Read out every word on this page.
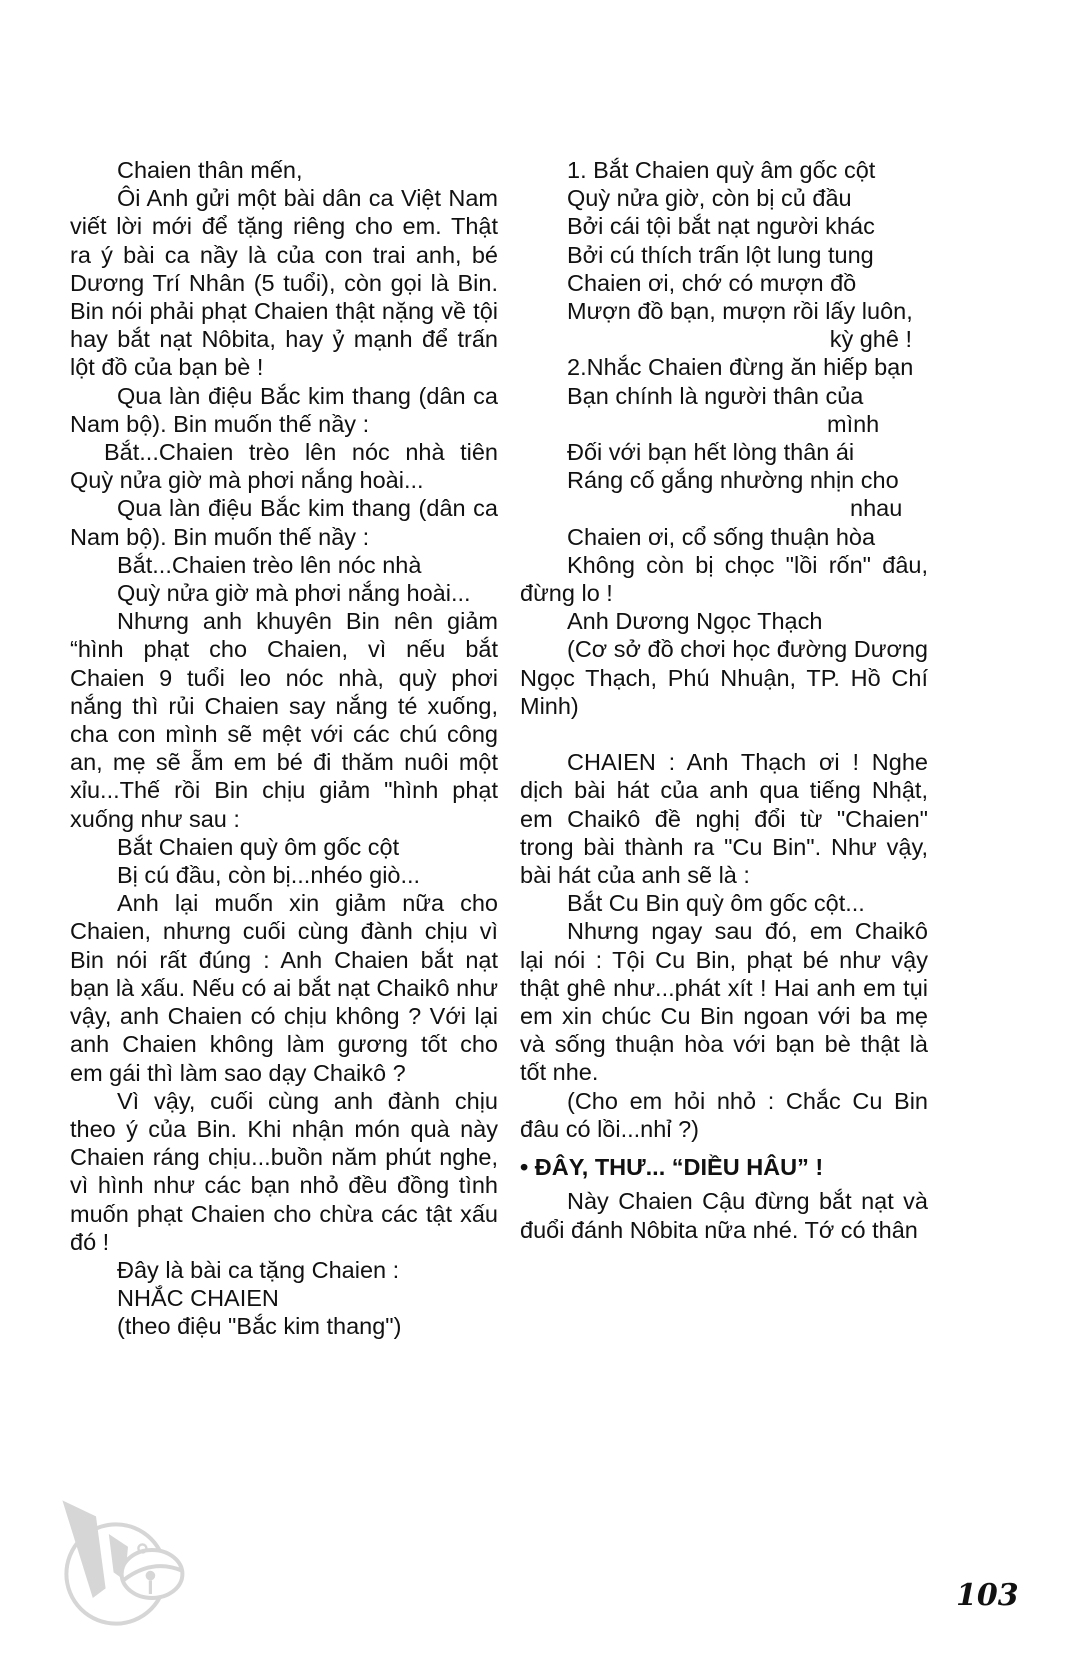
Chaien thân mến,

Ôi Anh gửi một bài dân ca Việt Nam viết lời mới để tặng riêng cho em. Thật ra ý bài ca nầy là của con trai anh, bé Dương Trí Nhân (5 tuổi), còn gọi là Bin. Bin nói phải phạt Chaien thật nặng về tội hay bắt nạt Nôbita, hay ỷ mạnh để trấn lột đồ của bạn bè !

Qua làn điệu Bắc kim thang (dân ca Nam bộ). Bin muốn thế nầy :

Bắt...Chaien trèo lên nóc nhà tiên

Quỳ nửa giờ mà phơi nắng hoài...

Qua làn điệu Bắc kim thang (dân ca Nam bộ). Bin muốn thế nầy :

Bắt...Chaien trèo lên nóc nhà

Quỳ nửa giờ mà phơi nắng hoài...

Nhưng anh khuyên Bin nên giảm “hình phạt cho Chaien, vì nếu bắt Chaien 9 tuổi leo nóc nhà, quỳ phơi nắng thì rủi Chaien say nắng té xuống, cha con mình sẽ mệt với các chú công an, mẹ sẽ ẵm em bé đi thăm nuôi một xỉu...Thế rồi Bin chịu giảm "hình phạt xuống như sau :

Bắt Chaien quỳ ôm gốc cột

Bị cú đầu, còn bị...nhéo giò...

Anh lại muốn xin giảm nữa cho Chaien, nhưng cuối cùng đành chịu vì Bin nói rất đúng : Anh Chaien bắt nạt bạn là xấu. Nếu có ai bắt nạt Chaikô như vậy, anh Chaien có chịu không ? Với lại anh Chaien không làm gương tốt cho em gái thì làm sao dạy Chaikô ?

Vì vậy, cuối cùng anh đành chịu theo ý của Bin. Khi nhận món quà này Chaien ráng chịu...buồn năm phút nghe, vì hình như các bạn nhỏ đều đồng tình muốn phạt Chaien cho chừa các tật xấu đó !

Đây là bài ca tặng Chaien :

NHẮC CHAIEN

(theo điệu "Bắc kim thang")

1. Bắt Chaien quỳ âm gốc cột

Quỳ nửa giờ, còn bị củ đầu

Bởi cái tội bắt nạt người khác

Bởi cú thích trấn lột lung tung

Chaien ơi, chớ có mượn đồ

Mượn đồ bạn, mượn rồi lấy luôn,

kỳ ghê !

2.Nhắc Chaien đừng ăn hiếp bạn

Bạn chính là người thân của

mình

Đối với bạn hết lòng thân ái

Ráng cố gắng nhường nhịn cho

nhau

Chaien ơi, cổ sống thuận hòa

Không còn bị chọc "lồi rốn" đâu, đừng lo !

Anh Dương Ngọc Thạch

(Cơ sở đồ chơi học đường Dương Ngọc Thạch, Phú Nhuận, TP. Hồ Chí Minh)

CHAIEN : Anh Thạch ơi ! Nghe dịch bài hát của anh qua tiếng Nhật, em Chaikô đề nghị đổi từ "Chaien" trong bài thành ra "Cu Bin". Như vậy, bài hát của anh sẽ là :

Bắt Cu Bin quỳ ôm gốc cột...

Nhưng ngay sau đó, em Chaikô lại nói : Tội Cu Bin, phạt bé như vậy thật ghê như...phát xít ! Hai anh em tụi em xin chúc Cu Bin ngoan với ba mẹ và sống thuận hòa với bạn bè thật là tốt nhe.

(Cho em hỏi nhỏ : Chắc Cu Bin đâu có lồi...nhỉ ?)

• ĐÂY, THƯ... “DIỀU HÂU” !

Này Chaien Cậu đừng bắt nạt và đuổi đánh Nôbita nữa nhé. Tớ có thân

103
